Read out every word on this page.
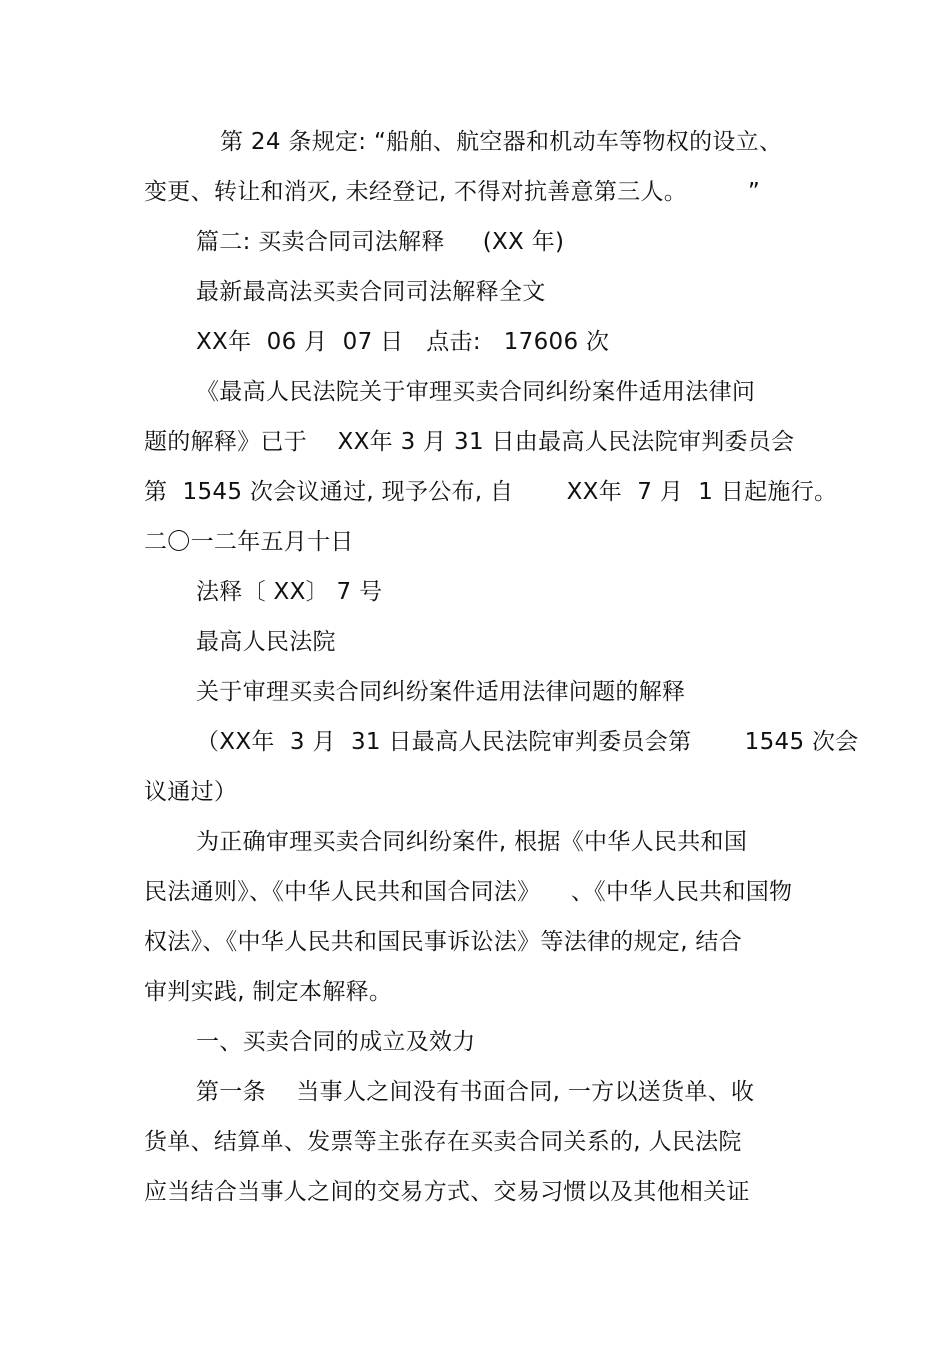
第 24 条规定: “船舶、航空器和机动车等物权的设立、
变更、转让和消灭, 未经登记, 不得对抗善意第三人。        ”
篇二: 买卖合同司法解释     (XX 年)
最新最高法买卖合同司法解释全文
XX年  06 月  07 日   点击:   17606 次
《最高人民法院关于审理买卖合同纠纷案件适用法律问
题的解释》已于    XX年 3 月 31 日由最高人民法院审判委员会
第  1545 次会议通过, 现予公布, 自       XX年  7 月  1 日起施行。
二〇一二年五月十日
法释〔 XX〕 7 号
最高人民法院
关于审理买卖合同纠纷案件适用法律问题的解释
（XX年  3 月  31 日最高人民法院审判委员会第       1545 次会
议通过）
为正确审理买卖合同纠纷案件, 根据《中华人民共和国
民法通则》、《中华人民共和国合同法》    、《中华人民共和国物
权法》、《中华人民共和国民事诉讼法》等法律的规定, 结合
审判实践, 制定本解释。
一、买卖合同的成立及效力
第一条    当事人之间没有书面合同, 一方以送货单、收
货单、结算单、发票等主张存在买卖合同关系的, 人民法院
应当结合当事人之间的交易方式、交易习惯以及其他相关证
